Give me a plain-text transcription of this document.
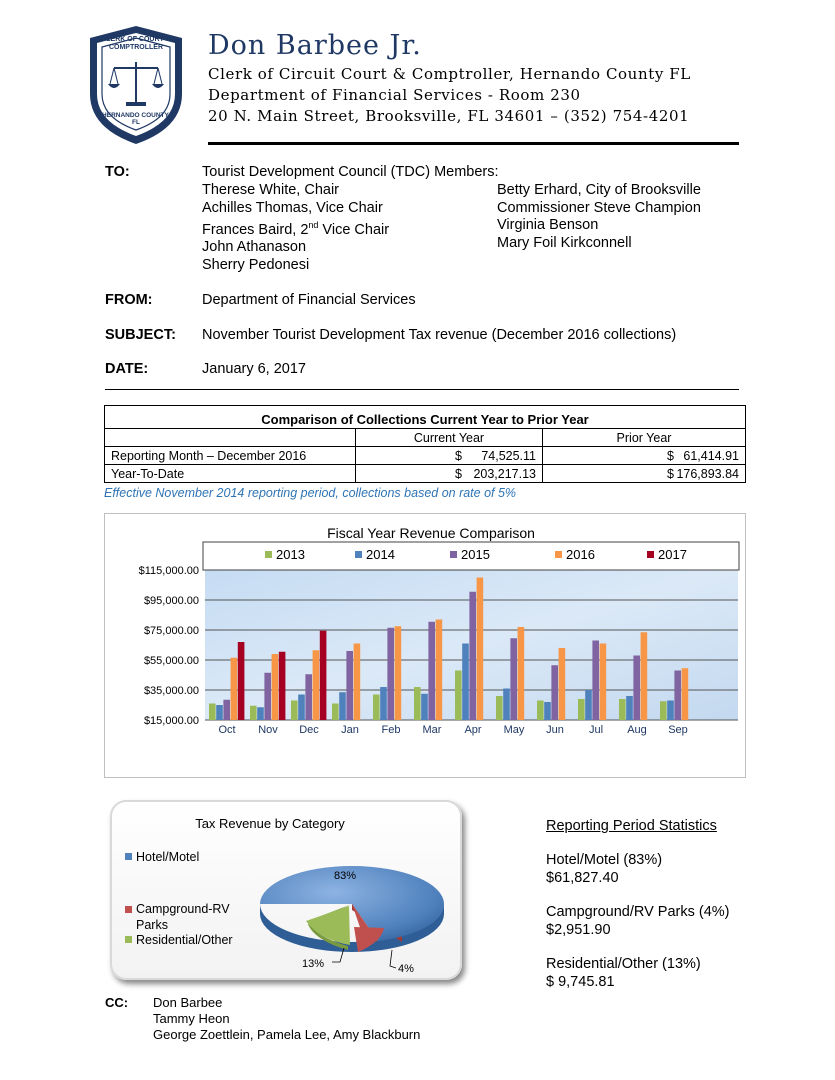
CLERK OF COURT & COMPTROLLER
HERNANDO COUNTY, FL
Don Barbee Jr.
Clerk of Circuit Court & Comptroller, Hernando County FL
Department of Financial Services - Room 230
20 N. Main Street, Brooksville, FL 34601 – (352) 754-4201
TO:	Tourist Development Council (TDC) Members:
Therese White, Chair
Achilles Thomas, Vice Chair
Frances Baird, 2nd Vice Chair
John Athanason
Sherry Pedonesi
Betty Erhard, City of Brooksville
Commissioner Steve Champion
Virginia Benson
Mary Foil Kirkconnell
FROM:	Department of Financial Services
SUBJECT: November Tourist Development Tax revenue (December 2016 collections)
DATE:	January 6, 2017
Comparison of Collections Current Year to Prior Year		
	Current Year	Prior Year
Reporting Month – December 2016	$ 74,525.11	$ 61,414.91

Year-To-Date	$ 203,217.13	$ 176,893.84
Effective November 2014 reporting period, collections based on rate of 5%
Fiscal Year Revenue Comparison
$15,000.00
$35,000.00
$55,000.00
$75,000.00
$95,000.00
$115,000.00
Oct Nov Dec Jan Feb Mar Apr May Jun Jul Aug Sep
2013	2014	2015	2016	2017
Tax Revenue by Category
Hotel/Motel
Campground-RV
Parks
Residential/Other
83%
13%	4%
Reporting Period Statistics
Hotel/Motel (83%)
$61,827.40
Campground/RV Parks (4%)
$2,951.90
Residential/Other (13%)
$ 9,745.81
CC: Don Barbee
Tammy Heon
George Zoettlein, Pamela Lee, Amy Blackburn
